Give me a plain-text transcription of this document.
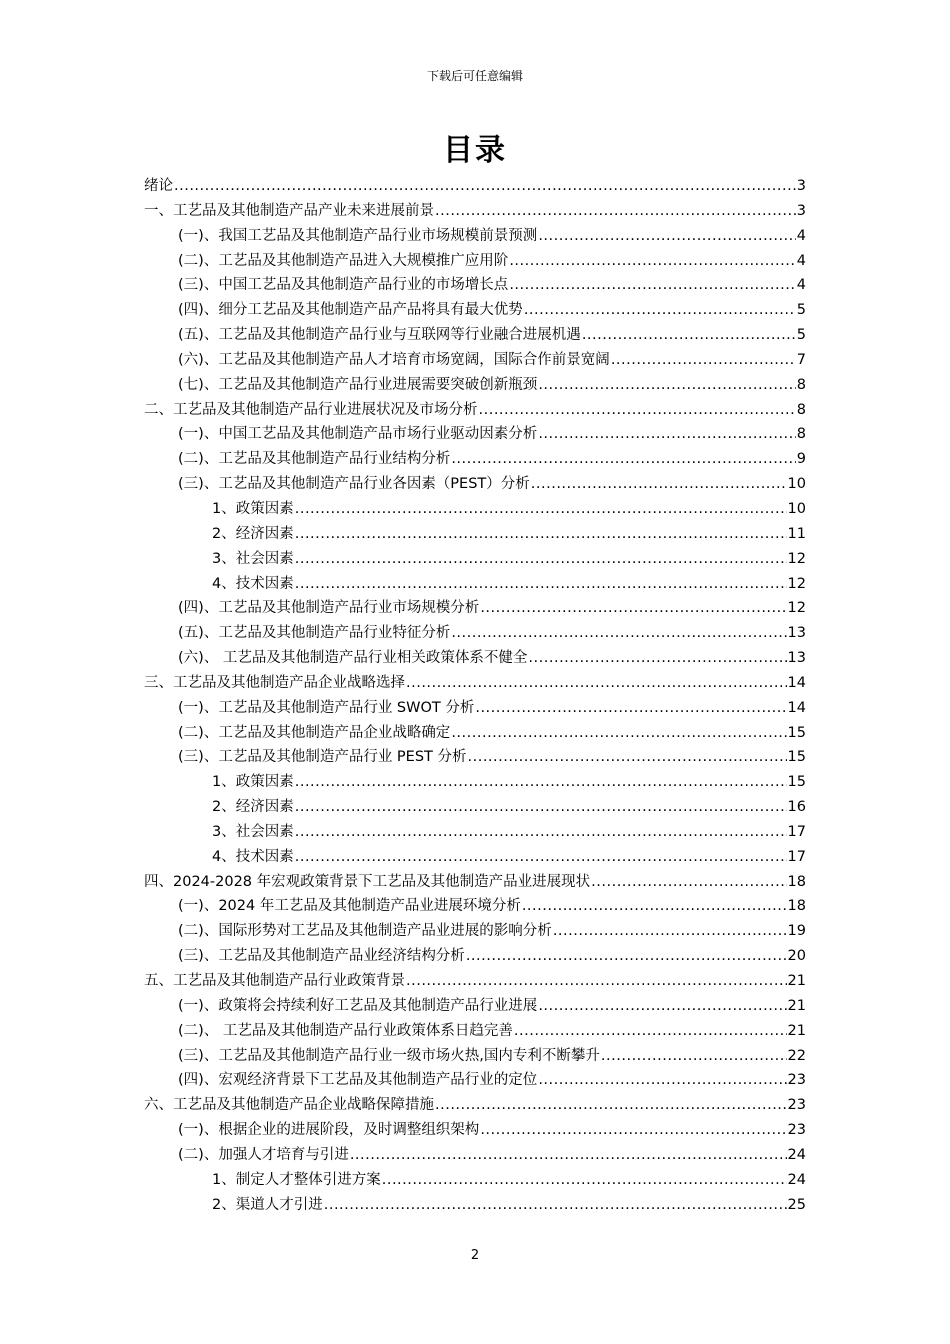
下载后可任意编辑
目录
绪论 .....	3
一、工艺品及其他制造产品产业未来进展前景 .....	3
(一)、我国工艺品及其他制造产品行业市场规模前景预测 .....	4
(二)、工艺品及其他制造产品进入大规模推广应用阶 .....	4
(三)、中国工艺品及其他制造产品行业的市场增长点 .....	4
(四)、细分工艺品及其他制造产品产品将具有最大优势 .....	5
(五)、工艺品及其他制造产品行业与互联网等行业融合进展机遇 .....	5
(六)、工艺品及其他制造产品人才培育市场宽阔，国际合作前景宽阔 .....	7
(七)、工艺品及其他制造产品行业进展需要突破创新瓶颈 .....	8
二、工艺品及其他制造产品行业进展状况及市场分析 .....	8
(一)、中国工艺品及其他制造产品市场行业驱动因素分析 .....	8
(二)、工艺品及其他制造产品行业结构分析 .....	9
(三)、工艺品及其他制造产品行业各因素（PEST）分析 .....	10
1、政策因素 .....	10
2、经济因素 .....	11
3、社会因素 .....	12
4、技术因素 .....	12
(四)、工艺品及其他制造产品行业市场规模分析 .....	12
(五)、工艺品及其他制造产品行业特征分析 .....	13
(六)、 工艺品及其他制造产品行业相关政策体系不健全 .....	13
三、工艺品及其他制造产品企业战略选择 .....	14
(一)、工艺品及其他制造产品行业 SWOT 分析 .....	14
(二)、工艺品及其他制造产品企业战略确定 .....	15
(三)、工艺品及其他制造产品行业 PEST 分析 .....	15
1、政策因素 .....	15
2、经济因素 .....	16
3、社会因素 .....	17
4、技术因素 .....	17
四、2024-2028 年宏观政策背景下工艺品及其他制造产品业进展现状 .....	18
(一)、2024 年工艺品及其他制造产品业进展环境分析 .....	18
(二)、国际形势对工艺品及其他制造产品业进展的影响分析 .....	19
(三)、工艺品及其他制造产品业经济结构分析 .....	20
五、工艺品及其他制造产品行业政策背景 .....	21
(一)、政策将会持续利好工艺品及其他制造产品行业进展 .....	21
(二)、 工艺品及其他制造产品行业政策体系日趋完善 .....	21
(三)、工艺品及其他制造产品行业一级市场火热,国内专利不断攀升 .....	22
(四)、宏观经济背景下工艺品及其他制造产品行业的定位 .....	23
六、工艺品及其他制造产品企业战略保障措施 .....	23
(一)、根据企业的进展阶段，及时调整组织架构 .....	23
(二)、加强人才培育与引进 .....	24
1、制定人才整体引进方案 .....	24
2、渠道人才引进 .....	25
2
